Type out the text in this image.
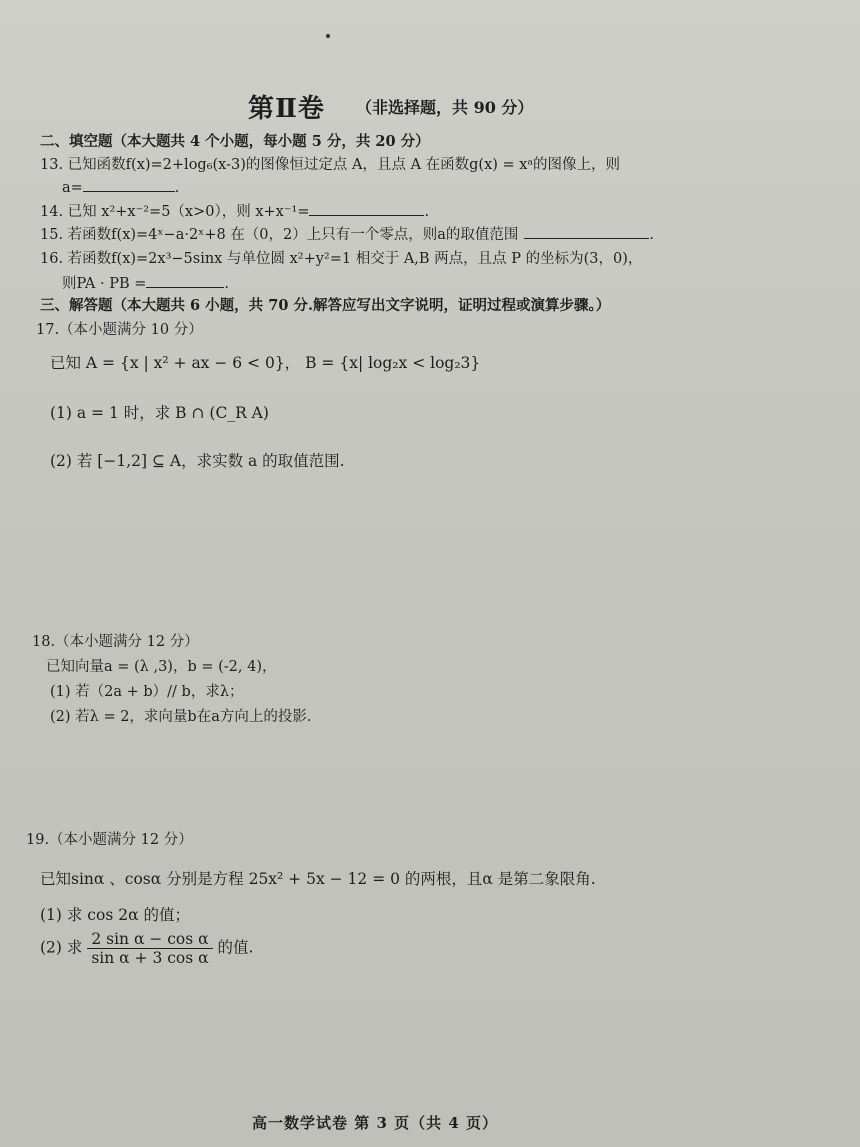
第Ⅱ卷 （非选择题，共 90 分）
二、填空题（本大题共 4 个小题，每小题 5 分，共 20 分）
13. 已知函数f(x)=2+log₆(x-3)的图像恒过定点 A，且点 A 在函数g(x) = xᵃ的图像上，则
a=	.
14. 已知 x²+x⁻²=5（x>0），则 x+x⁻¹=	.
15. 若函数f(x)=4ˣ−a·2ˣ+8 在（0，2）上只有一个零点，则a的取值范围	.
16. 若函数f(x)=2x³−5sinx 与单位圆 x²+y²=1 相交于 A,B 两点，且点 P 的坐标为(3，0)，
则PA · PB =	.
三、解答题（本大题共 6 小题，共 70 分.解答应写出文字说明，证明过程或演算步骤。）
17.（本小题满分 10 分）
已知 A = {x | x² + ax − 6 < 0}， B = {x| log₂x < log₂3}
(1) a = 1 时，求 B ∩ (C_R A)
(2) 若 [−1,2] ⊆ A，求实数 a 的取值范围.
18.（本小题满分 12 分）
已知向量a = (λ ,3)，b = (-2, 4)，
(1) 若（2a + b）// b，求λ；
(2) 若λ = 2，求向量b在a方向上的投影.
19.（本小题满分 12 分）
已知sinα 、cosα 分别是方程 25x² + 5x − 12 = 0 的两根，且α 是第二象限角.
(1) 求 cos 2α 的值；
(2) 求 $\frac{\text{2 sin α − cos α}}{\text{sin α + 3 cos α}}$ 的值.
高一数学试卷 第 3 页（共 4 页）
